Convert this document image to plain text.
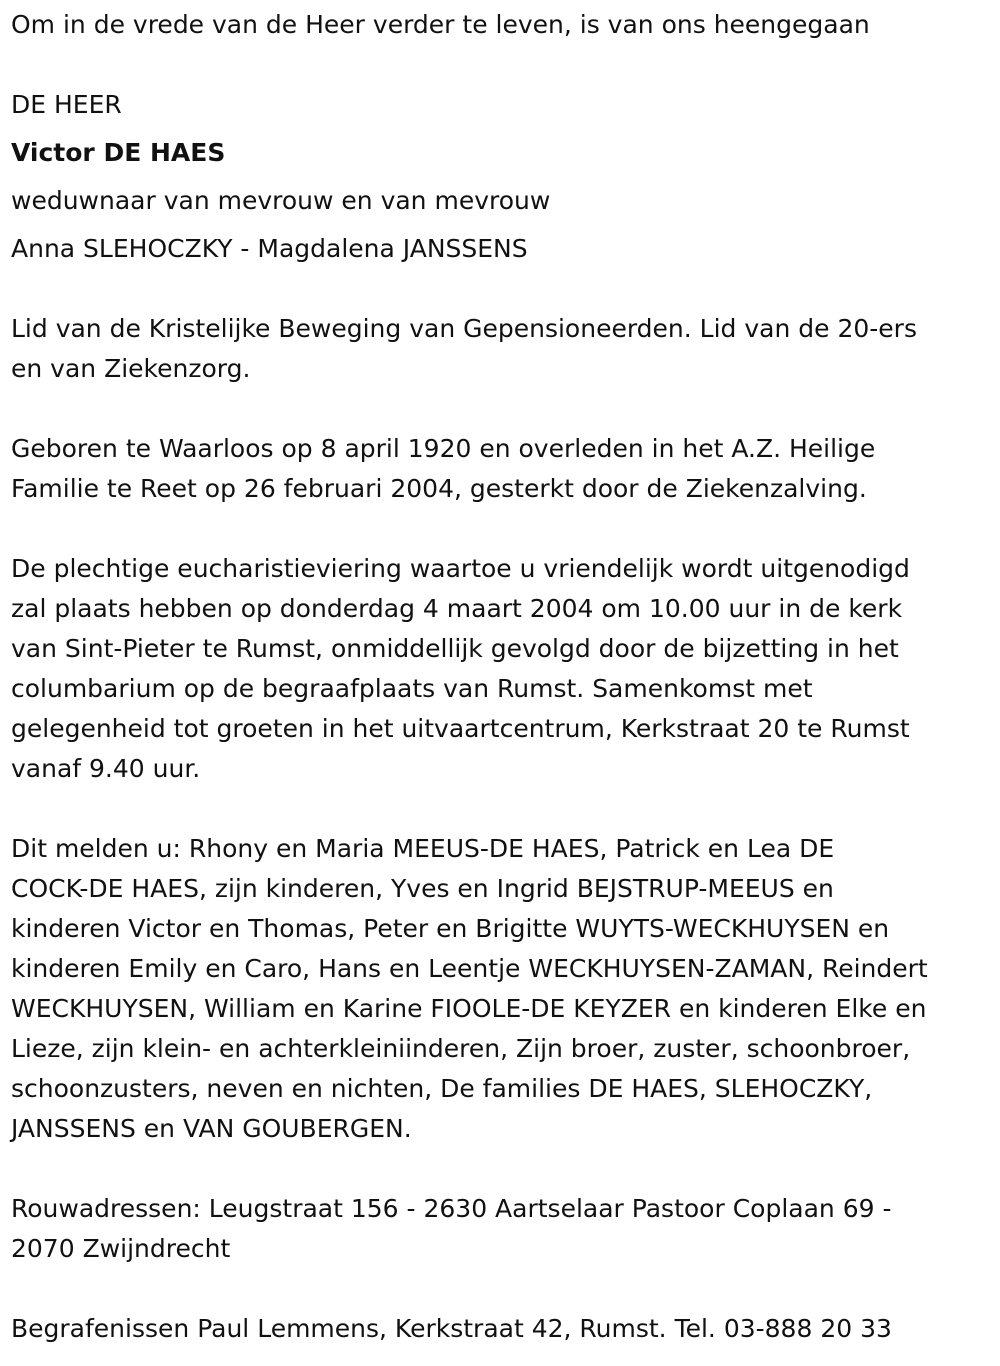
Om in de vrede van de Heer verder te leven, is van ons heengegaan

DE HEER

Victor DE HAES

weduwnaar van mevrouw en van mevrouw

Anna SLEHOCZKY - Magdalena JANSSENS

Lid van de Kristelijke Beweging van Gepensioneerden. Lid van de 20-ers

en van Ziekenzorg.

Geboren te Waarloos op 8 april 1920 en overleden in het A.Z. Heilige

Familie te Reet op 26 februari 2004, gesterkt door de Ziekenzalving.

De plechtige eucharistieviering waartoe u vriendelijk wordt uitgenodigd

zal plaats hebben op donderdag 4 maart 2004 om 10.00 uur in de kerk

van Sint-Pieter te Rumst, onmiddellijk gevolgd door de bijzetting in het

columbarium op de begraafplaats van Rumst. Samenkomst met

gelegenheid tot groeten in het uitvaartcentrum, Kerkstraat 20 te Rumst

vanaf 9.40 uur.

Dit melden u: Rhony en Maria MEEUS-DE HAES, Patrick en Lea DE

COCK-DE HAES, zijn kinderen, Yves en Ingrid BEJSTRUP-MEEUS en

kinderen Victor en Thomas, Peter en Brigitte WUYTS-WECKHUYSEN en

kinderen Emily en Caro, Hans en Leentje WECKHUYSEN-ZAMAN, Reindert

WECKHUYSEN, William en Karine FIOOLE-DE KEYZER en kinderen Elke en

Lieze, zijn klein- en achterkleiniinderen, Zijn broer, zuster, schoonbroer,

schoonzusters, neven en nichten, De families DE HAES, SLEHOCZKY,

JANSSENS en VAN GOUBERGEN.

Rouwadressen: Leugstraat 156 - 2630 Aartselaar Pastoor Coplaan 69 -

2070 Zwijndrecht

Begrafenissen Paul Lemmens, Kerkstraat 42, Rumst. Tel. 03-888 20 33
